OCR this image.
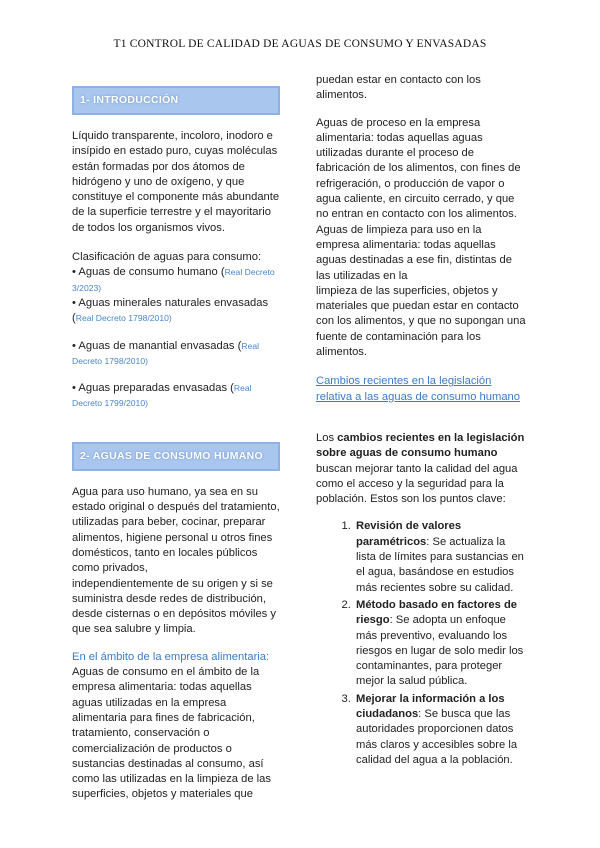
T1 CONTROL DE CALIDAD DE AGUAS DE CONSUMO Y ENVASADAS
1- INTRODUCCIÓN

Líquido transparente, incoloro, inodoro e insípido en estado puro, cuyas moléculas están formadas por dos átomos de hidrógeno y uno de oxígeno, y que constituye el componente más abundante de la superficie terrestre y el mayoritario de todos los organismos vivos.

Clasificación de aguas para consumo:

• Aguas de consumo humano (Real Decreto 3/2023)
• Aguas minerales naturales envasadas (Real Decreto 1798/2010)
• Aguas de manantial envasadas (Real Decreto 1798/2010)
• Aguas preparadas envasadas (Real Decreto 1799/2010)
2- AGUAS DE CONSUMO HUMANO

Agua para uso humano, ya sea en su estado original o después del tratamiento, utilizadas para beber, cocinar, preparar alimentos, higiene personal u otros fines domésticos, tanto en locales públicos como privados,

independientemente de su origen y si se suministra desde redes de distribución, desde cisternas o en depósitos móviles y que sea salubre y limpia.

En el ámbito de la empresa alimentaria:

Aguas de consumo en el ámbito de la empresa alimentaria: todas aquellas aguas utilizadas en la empresa alimentaria para fines de fabricación, tratamiento, conservación o comercialización de productos o sustancias destinadas al consumo, así como las utilizadas en la limpieza de las superficies, objetos y materiales que

puedan estar en contacto con los alimentos.

Aguas de proceso en la empresa alimentaria: todas aquellas aguas utilizadas durante el proceso de fabricación de los alimentos, con fines de refrigeración, o producción de vapor o agua caliente, en circuito cerrado, y que no entran en contacto con los alimentos.

Aguas de limpieza para uso en la empresa alimentaria: todas aquellas aguas destinadas a ese fin, distintas de las utilizadas en la

limpieza de las superficies, objetos y materiales que puedan estar en contacto con los alimentos, y que no supongan una fuente de contaminación para los alimentos.

Cambios recientes en la legislación relativa a las aguas de consumo humano

Los cambios recientes en la legislación sobre aguas de consumo humano buscan mejorar tanto la calidad del agua como el acceso y la seguridad para la población. Estos son los puntos clave:

1. Revisión de valores paramétricos: Se actualiza la lista de límites para sustancias en el agua, basándose en estudios más recientes sobre su calidad.
2. Método basado en factores de riesgo: Se adopta un enfoque más preventivo, evaluando los riesgos en lugar de solo medir los contaminantes, para proteger mejor la salud pública.
3. Mejorar la información a los ciudadanos: Se busca que las autoridades proporcionen datos más claros y accesibles sobre la calidad del agua a la población.
